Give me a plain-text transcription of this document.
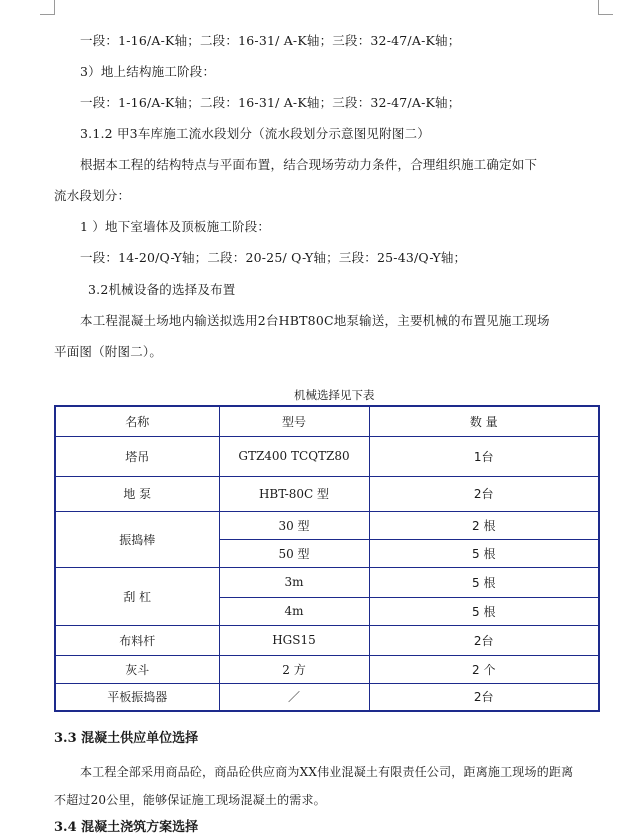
一段：1-16/A-K轴；二段：16-31/ A-K轴；三段：32-47/A-K轴；
3）地上结构施工阶段：
一段：1-16/A-K轴；二段：16-31/ A-K轴；三段：32-47/A-K轴；
3.1.2 甲3车库施工流水段划分（流水段划分示意图见附图二）
根据本工程的结构特点与平面布置，结合现场劳动力条件，合理组织施工确定如下
流水段划分：
1 ）地下室墙体及顶板施工阶段：
一段：14-20/Q-Y轴；二段：20-25/ Q-Y轴；三段：25-43/Q-Y轴；
3.2机械设备的选择及布置
本工程混凝土场地内输送拟选用2台HBT80C地泵输送，主要机械的布置见施工现场
平面图（附图二）。
机械选择见下表
名称	型号	数 量
塔吊	GTZ400 TCQTZ80	1台
地 泵	HBT-80C 型	2台
振捣棒	30 型	2 根
	50 型	5 根
刮 杠	3m	5 根
	4m	5 根
布料杆	HGS15	2台
灰斗	2 方	2 个
平板振捣器	／	2台
3.3 混凝土供应单位选择
本工程全部采用商品砼，商品砼供应商为XX伟业混凝土有限责任公司，距离施工现场的距离
不超过20公里，能够保证施工现场混凝土的需求。
3.4 混凝土浇筑方案选择
